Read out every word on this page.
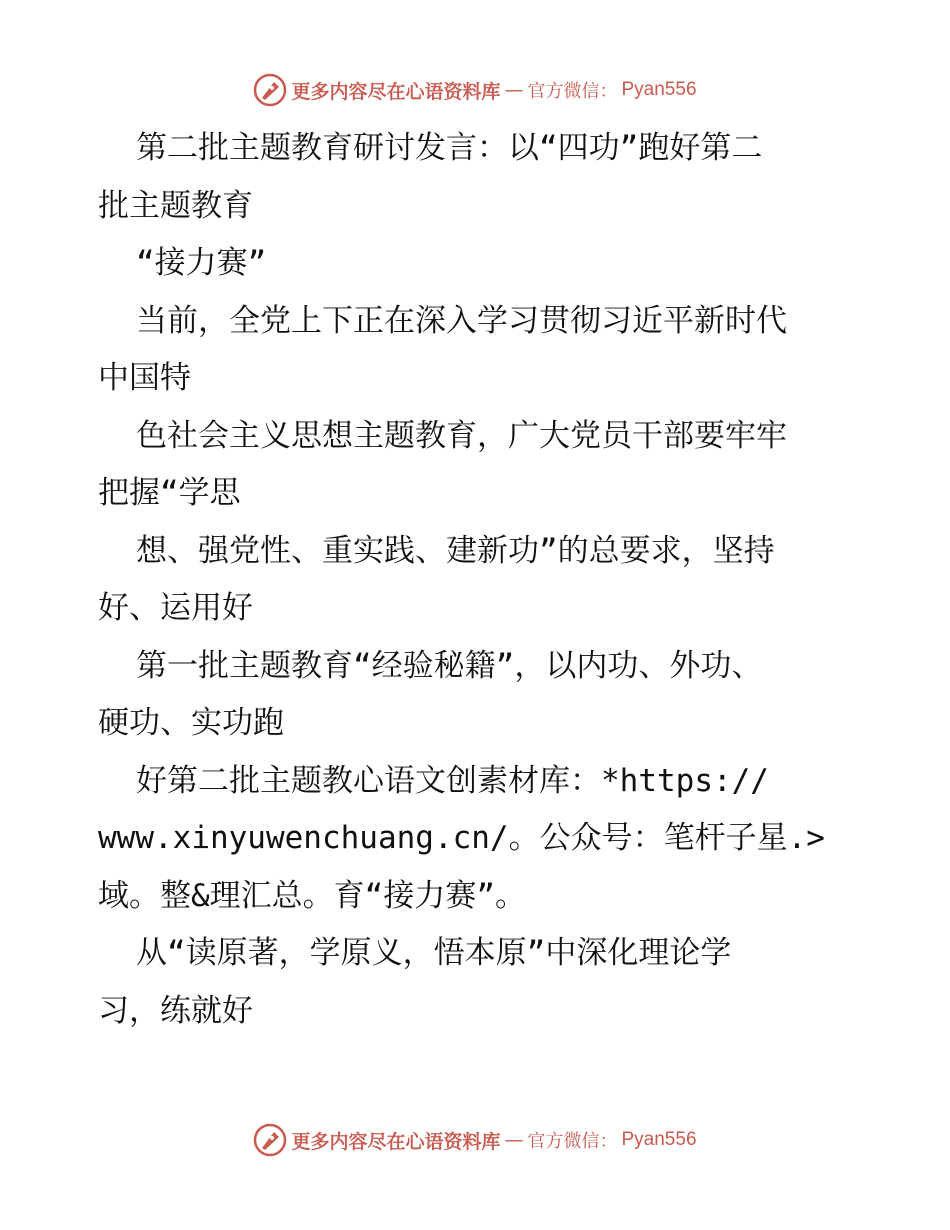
更多内容尽在心语资料库 — 官方微信： Pyan556
第二批主题教育研讨发言：以“四功”跑好第二
批主题教育
“接力赛”
当前，全党上下正在深入学习贯彻习近平新时代
中国特
色社会主义思想主题教育，广大党员干部要牢牢
把握“学思
想、强党性、重实践、建新功”的总要求，坚持
好、运用好
第一批主题教育“经验秘籍”，以内功、外功、
硬功、实功跑
好第二批主题教心语文创素材库：*https://
www.xinyuwenchuang.cn/。公众号：笔杆子星.>
域。整&理汇总。育“接力赛”。
从“读原著，学原义，悟本原”中深化理论学
习，练就好
更多内容尽在心语资料库 — 官方微信： Pyan556
